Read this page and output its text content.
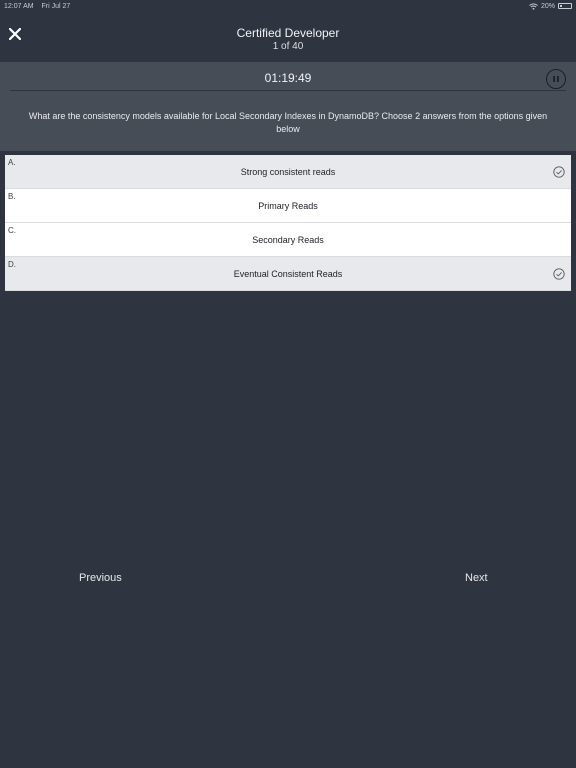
12:07 AM Fri Jul 27	20%
Certified Developer
1 of 40
01:19:49
What are the consistency models available for Local Secondary Indexes in DynamoDB? Choose 2 answers from the options given below
A.
Strong consistent reads
B.
Primary Reads
C.
Secondary Reads
D.
Eventual Consistent Reads
Previous	Next
